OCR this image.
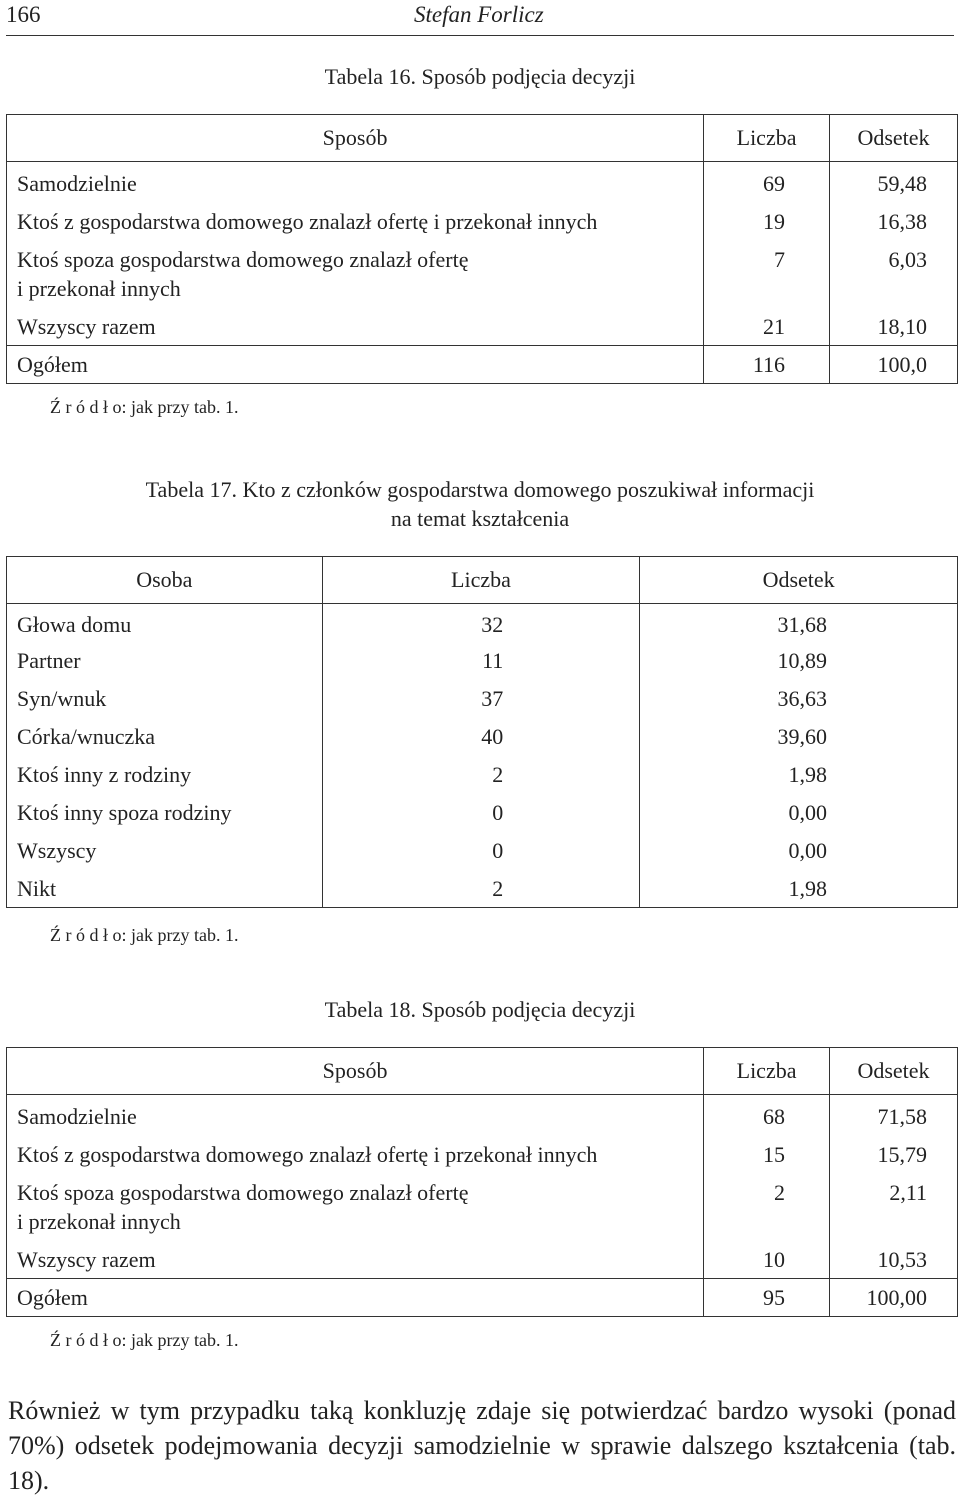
166	Stefan Forlicz
Tabela 16. Sposób podjęcia decyzji
Sposób	Liczba	Odsetek
Samodzielnie	69	59,48
Ktoś z gospodarstwa domowego znalazł ofertę i przekonał innych	19	16,38
Ktoś spoza gospodarstwa domowego znalazł ofertę
i przekonał innych	7	6,03
Wszyscy razem	21	18,10
Ogółem	116	100,0
Ź r ó d ł o: jak przy tab. 1.
Tabela 17. Kto z członków gospodarstwa domowego poszukiwał informacji
na temat kształcenia
Osoba	Liczba	Odsetek
Głowa domu	32	31,68
Partner	11	10,89
Syn/wnuk	37	36,63
Córka/wnuczka	40	39,60
Ktoś inny z rodziny	2	1,98
Ktoś inny spoza rodziny	0	0,00
Wszyscy	0	0,00
Nikt	2	1,98
Ź r ó d ł o: jak przy tab. 1.
Tabela 18. Sposób podjęcia decyzji
Sposób	Liczba	Odsetek
Samodzielnie	68	71,58
Ktoś z gospodarstwa domowego znalazł ofertę i przekonał innych	15	15,79
Ktoś spoza gospodarstwa domowego znalazł ofertę
i przekonał innych	2	2,11
Wszyscy razem	10	10,53
Ogółem	95	100,00
Ź r ó d ł o: jak przy tab. 1.

Również w tym przypadku taką konkluzję zdaje się potwierdzać bardzo wysoki (ponad 70%) odsetek podejmowania decyzji samodzielnie w sprawie dalszego kształcenia (tab. 18).
